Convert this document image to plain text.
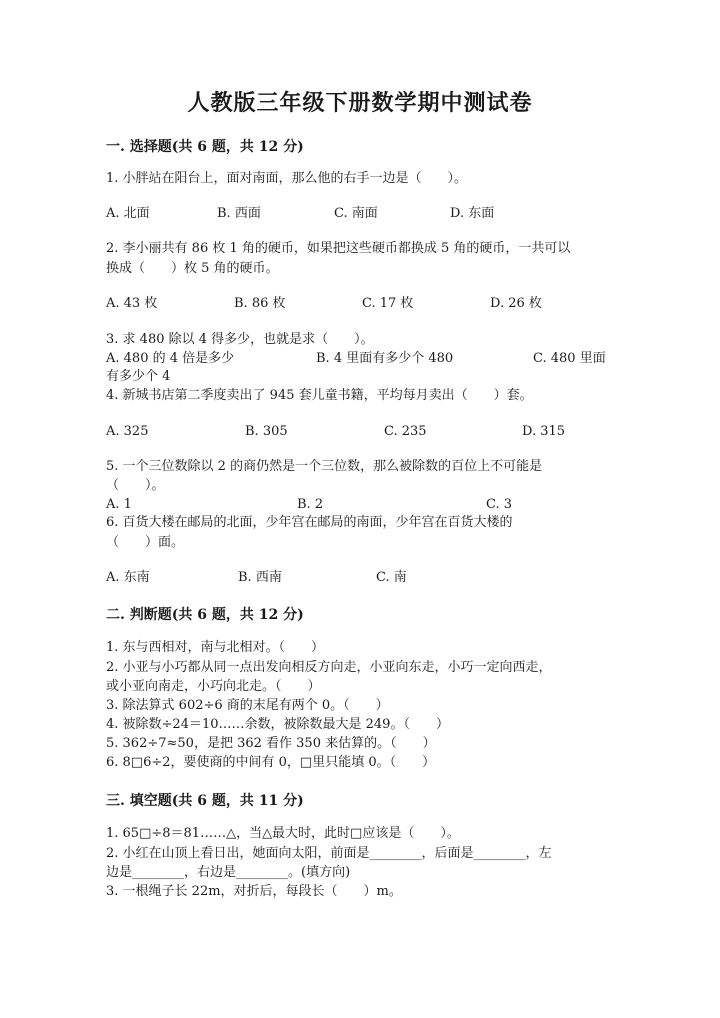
人教版三年级下册数学期中测试卷
一. 选择题(共 6 题，共 12 分)
1. 小胖站在阳台上，面对南面，那么他的右手一边是（　　）。
A. 北面	B. 西面	C. 南面	D. 东面
2. 李小丽共有 86 枚 1 角的硬币，如果把这些硬币都换成 5 角的硬币，一共可以
换成（　　）枚 5 角的硬币。
A. 43 枚	B. 86 枚	C. 17 枚	D. 26 枚
3. 求 480 除以 4 得多少，也就是求（　　）。
A. 480 的 4 倍是多少	B. 4 里面有多少个 480	C. 480 里面
有多少个 4
4. 新城书店第二季度卖出了 945 套儿童书籍，平均每月卖出（　　）套。
A. 325	B. 305	C. 235	D. 315
5. 一个三位数除以 2 的商仍然是一个三位数，那么被除数的百位上不可能是
（　　）。
A. 1	B. 2	C. 3
6. 百货大楼在邮局的北面，少年宫在邮局的南面，少年宫在百货大楼的
（　　）面。
A. 东南	B. 西南	C. 南
二. 判断题(共 6 题，共 12 分)
1. 东与西相对，南与北相对。（　　）
2. 小亚与小巧都从同一点出发向相反方向走，小亚向东走，小巧一定向西走，
或小亚向南走，小巧向北走。（　　）
3. 除法算式 602÷6 商的末尾有两个 0。（　　）
4. 被除数÷24＝10……余数，被除数最大是 249。（　　）
5. 362÷7≈50，是把 362 看作 350 来估算的。（　　）
6. 8□6÷2，要使商的中间有 0，□里只能填 0。（　　）
三. 填空题(共 6 题，共 11 分)
1. 65□÷8＝81……△，当△最大时，此时□应该是（　　）。
2. 小红在山顶上看日出，她面向太阳，前面是________，后面是________，左
边是________，右边是________。(填方向)
3. 一根绳子长 22m，对折后，每段长（　　）m。
